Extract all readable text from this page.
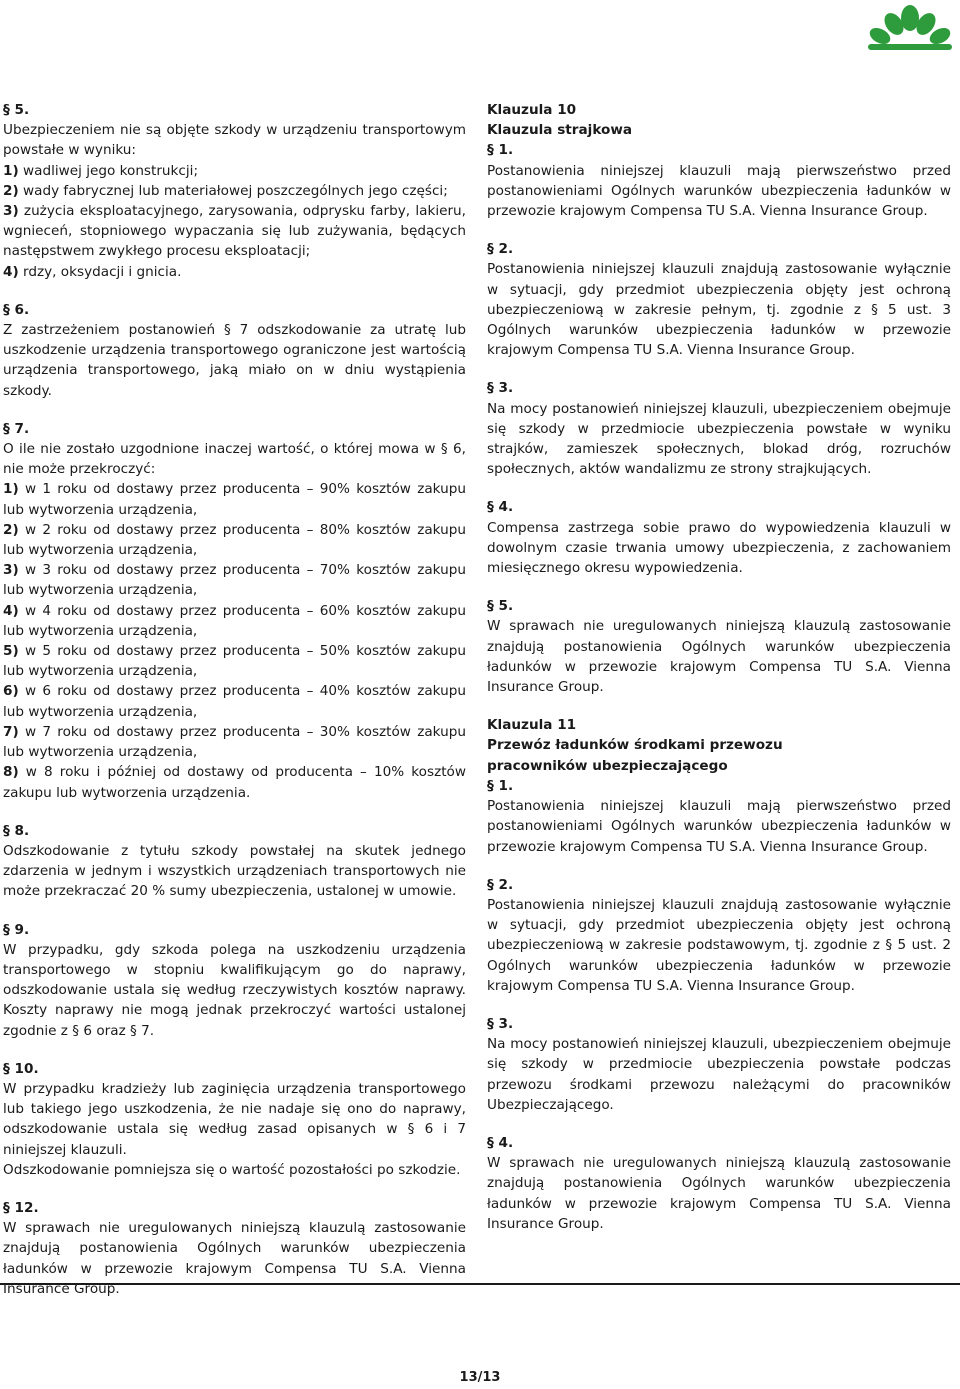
§ 5.
Ubezpieczeniem nie są objęte szkody w urządzeniu transportowym powstałe w wyniku:
1) wadliwej jego konstrukcji;
2) wady fabrycznej lub materiałowej poszczególnych jego części;
3) zużycia eksploatacyjnego, zarysowania, odprysku farby, lakieru, wgnieceń, stopniowego wypaczania się lub zużywania, będących następstwem zwykłego procesu eksploatacji;
4) rdzy, oksydacji i gnicia.
§ 6.
Z zastrzeżeniem postanowień § 7 odszkodowanie za utratę lub uszkodzenie urządzenia transportowego ograniczone jest wartością urządzenia transportowego, jaką miało on w dniu wystąpienia szkody.
§ 7.
O ile nie zostało uzgodnione inaczej wartość, o której mowa w § 6, nie może przekroczyć:
1) w 1 roku od dostawy przez producenta – 90% kosztów zakupu lub wytworzenia urządzenia,
2) w 2 roku od dostawy przez producenta – 80% kosztów zakupu lub wytworzenia urządzenia,
3) w 3 roku od dostawy przez producenta – 70% kosztów zakupu lub wytworzenia urządzenia,
4) w 4 roku od dostawy przez producenta – 60% kosztów zakupu lub wytworzenia urządzenia,
5) w 5 roku od dostawy przez producenta – 50% kosztów zakupu lub wytworzenia urządzenia,
6) w 6 roku od dostawy przez producenta – 40% kosztów zakupu lub wytworzenia urządzenia,
7) w 7 roku od dostawy przez producenta – 30% kosztów zakupu lub wytworzenia urządzenia,
8) w 8 roku i później od dostawy od producenta – 10% kosztów zakupu lub wytworzenia urządzenia.
§ 8.
Odszkodowanie z tytułu szkody powstałej na skutek jednego zdarzenia w jednym i wszystkich urządzeniach transportowych nie może przekraczać 20 % sumy ubezpieczenia, ustalonej w umowie.
§ 9.
W przypadku, gdy szkoda polega na uszkodzeniu urządzenia transportowego w stopniu kwalifikującym go do naprawy, odszkodowanie ustala się według rzeczywistych kosztów naprawy. Koszty naprawy nie mogą jednak przekroczyć wartości ustalonej zgodnie z § 6 oraz § 7.
§ 10.
W przypadku kradzieży lub zaginięcia urządzenia transportowego lub takiego jego uszkodzenia, że nie nadaje się ono do naprawy, odszkodowanie ustala się według zasad opisanych w § 6 i 7 niniejszej klauzuli.
Odszkodowanie pomniejsza się o wartość pozostałości po szkodzie.
§ 12.
W sprawach nie uregulowanych niniejszą klauzulą zastosowanie znajdują postanowienia Ogólnych warunków ubezpieczenia ładunków w przewozie krajowym Compensa TU S.A. Vienna Insurance Group.
Klauzula 10
Klauzula strajkowa
§ 1.
Postanowienia niniejszej klauzuli mają pierwszeństwo przed postanowieniami Ogólnych warunków ubezpieczenia ładunków w przewozie krajowym Compensa TU S.A. Vienna Insurance Group.
§ 2.
Postanowienia niniejszej klauzuli znajdują zastosowanie wyłącznie w sytuacji, gdy przedmiot ubezpieczenia objęty jest ochroną ubezpieczeniową w zakresie pełnym, tj. zgodnie z § 5 ust. 3 Ogólnych warunków ubezpieczenia ładunków w przewozie krajowym Compensa TU S.A. Vienna Insurance Group.
§ 3.
Na mocy postanowień niniejszej klauzuli, ubezpieczeniem obejmuje się szkody w przedmiocie ubezpieczenia powstałe w wyniku strajków, zamieszek społecznych, blokad dróg, rozruchów społecznych, aktów wandalizmu ze strony strajkujących.
§ 4.
Compensa zastrzega sobie prawo do wypowiedzenia klauzuli w dowolnym czasie trwania umowy ubezpieczenia, z zachowaniem miesięcznego okresu wypowiedzenia.
§ 5.
W sprawach nie uregulowanych niniejszą klauzulą zastosowanie znajdują postanowienia Ogólnych warunków ubezpieczenia ładunków w przewozie krajowym Compensa TU S.A. Vienna Insurance Group.
Klauzula 11
Przewóz ładunków środkami przewozu
pracowników ubezpieczającego
§ 1.
Postanowienia niniejszej klauzuli mają pierwszeństwo przed postanowieniami Ogólnych warunków ubezpieczenia ładunków w przewozie krajowym Compensa TU S.A. Vienna Insurance Group.
§ 2.
Postanowienia niniejszej klauzuli znajdują zastosowanie wyłącznie w sytuacji, gdy przedmiot ubezpieczenia objęty jest ochroną ubezpieczeniową w zakresie podstawowym, tj. zgodnie z § 5 ust. 2 Ogólnych warunków ubezpieczenia ładunków w przewozie krajowym Compensa TU S.A. Vienna Insurance Group.
§ 3.
Na mocy postanowień niniejszej klauzuli, ubezpieczeniem obejmuje się szkody w przedmiocie ubezpieczenia powstałe podczas przewozu środkami przewozu należącymi do pracowników Ubezpieczającego.
§ 4.
W sprawach nie uregulowanych niniejszą klauzulą zastosowanie znajdują postanowienia Ogólnych warunków ubezpieczenia ładunków w przewozie krajowym Compensa TU S.A. Vienna Insurance Group.
13/13
